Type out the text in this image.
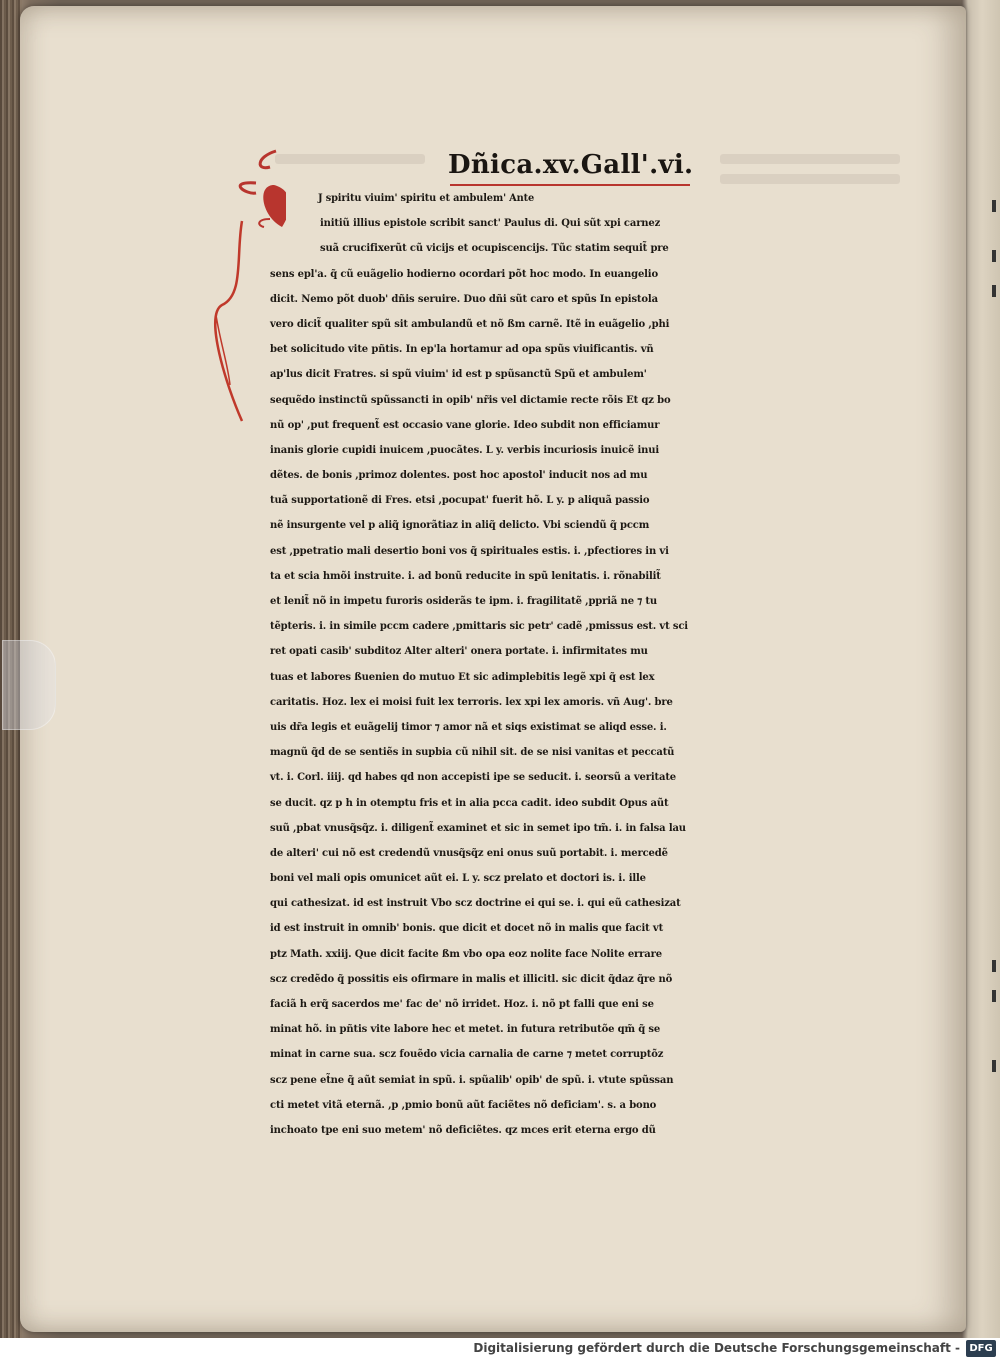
Dñica.xv.Gall'.vi.
J spiritu viuim' spiritu et ambulem' Ante
initiũ illius epistole scribit sanct' Paulus di. Qui sũt xpi carnez
suã crucifixerũt cũ vicijs et ocupiscencijs. Tũc statim sequit̃ pre
sens epl'a. q̃ cũ euãgelio hodierno ocordari põt hoc modo. In euangelio
dicit. Nemo põt duob' dñis seruire. Duo dñi sũt caro et spũs In epistola
vero dicit̃ qualiter spũ sit ambulandũ et nõ ßm carnẽ. Itẽ in euãgelio ,phi
bet solicitudo vite pñtis. In ep'la hortamur ad opa spũs viuificantis. vñ
ap'lus dicit Fratres. si spũ viuim' id est p spũsanctũ Spũ et ambulem'
sequẽdo instinctũ spũssancti in opib' nr̃is vel dictamie recte rõis Et qz bo
nũ op' ,put frequent̃ est occasio vane glorie. Ideo subdit non efficiamur
inanis glorie cupidi inuicem ,puocãtes. L y. verbis incuriosis inuicẽ inui
dẽtes. de bonis ,primoz dolentes. post hoc apostol' inducit nos ad mu
tuã supportationẽ di Fres. etsi ,pocupat' fuerit hõ. L y. p aliquã passio
nẽ insurgente vel p aliq̃ ignorãtiaz in aliq̃ delicto. Vbi sciendũ q̃ pccm
est ,ppetratio mali desertio boni vos q̃ spirituales estis. i. ,pfectiores in vi
ta et scia hmõi instruite. i. ad bonũ reducite in spũ lenitatis. i. rõnabilit̃
et lenit̃ nõ in impetu furoris osiderãs te ipm. i. fragilitatẽ ,ppriã ne ⁊ tu
tẽpteris. i. in simile pccm cadere ,pmittaris sic petr' cadẽ ,pmissus est. vt sci
ret opati casib' subditoz Alter alteri' onera portate. i. infirmitates mu
tuas et labores ßuenien do mutuo Et sic adimplebitis legẽ xpi q̃ est lex
caritatis. Hoz. lex ei moisi fuit lex terroris. lex xpi lex amoris. vñ Aug'. bre
uis dr̃a legis et euãgelij timor ⁊ amor nã et siqs existimat se aliqd esse. i.
magnũ q̃d de se sentiẽs in supbia cũ nihil sit. de se nisi vanitas et peccatũ
vt. i. Corl. iiij. qd habes qd non accepisti ipe se seducit. i. seorsũ a veritate
se ducit. qz p h in otemptu fris et in alia pcca cadit. ideo subdit Opus aũt
suũ ,pbat vnusq̃sq̃z. i. diligent̃ examinet et sic in semet ipo tm̃. i. in falsa lau
de alteri' cui nõ est credendũ vnusq̃sq̃z eni onus suũ portabit. i. mercedẽ
boni vel mali opis omunicet aũt ei. L y. scz prelato et doctori is. i. ille
qui cathesizat. id est instruit Vbo scz doctrine ei qui se. i. qui eũ cathesizat
id est instruit in omnib' bonis. que dicit et docet nõ in malis que facit vt
ptz Math. xxiij. Que dicit facite ßm vbo opa eoz nolite face Nolite errare
scz credẽdo q̃ possitis eis ofirmare in malis et illicitl. sic dicit q̃daz q̃re nõ
faciã h erq̃ sacerdos me' fac de' nõ irridet. Hoz. i. nõ pt falli que eni se
minat hõ. in pñtis vite labore hec et metet. in futura retributõe qm̃ q̃ se
minat in carne sua. scz fouẽdo vicia carnalia de carne ⁊ metet corruptõz
scz pene et̃ne q̃ aũt semiat in spũ. i. spũalib' opib' de spũ. i. vtute spũssan
cti metet vitã eternã. ,p ,pmio bonũ aũt faciẽtes nõ deficiam'. s. a bono
inchoato tpe eni suo metem' nõ deficiẽtes. qz mces erit eterna ergo dũ
Digitalisierung gefördert durch die Deutsche Forschungsgemeinschaft - DFG
